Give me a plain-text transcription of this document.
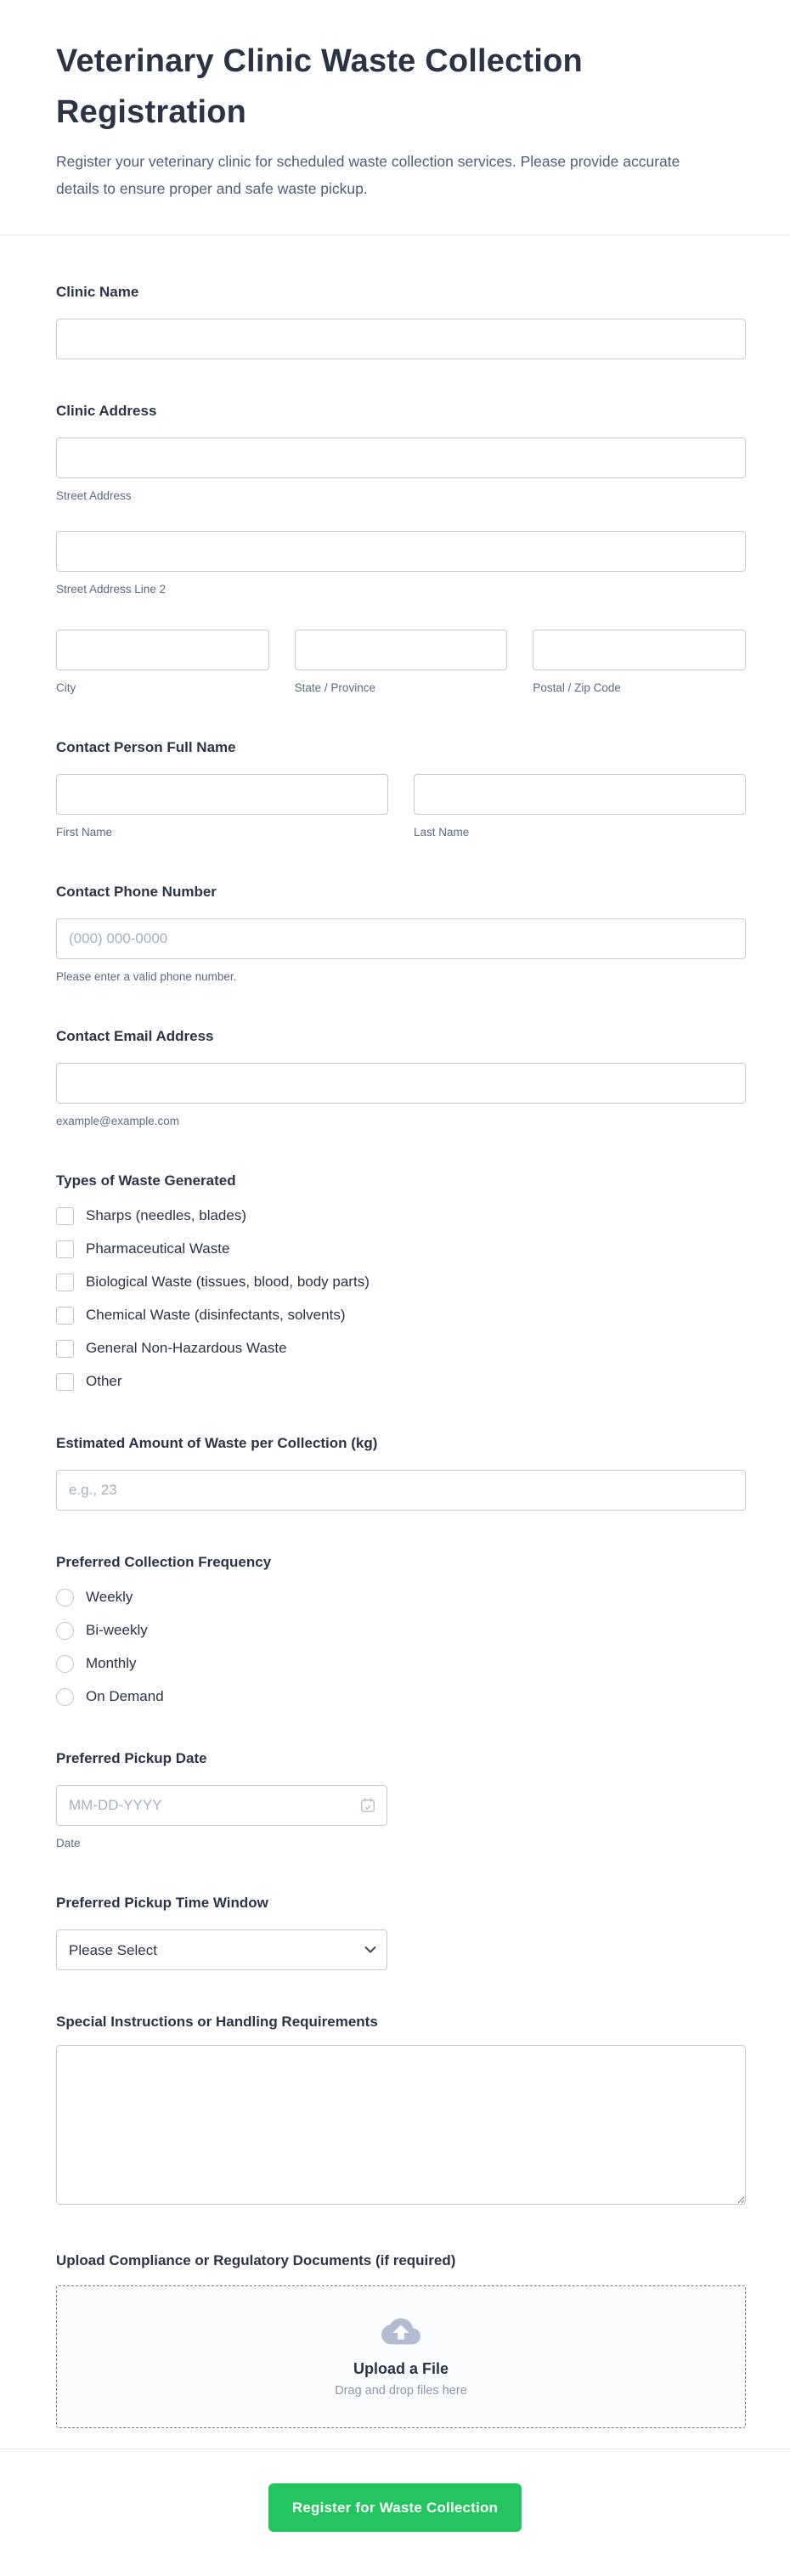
Veterinary Clinic Waste Collection Registration

Register your veterinary clinic for scheduled waste collection services. Please provide accurate details to ensure proper and safe waste pickup.

Clinic Name
Clinic Address
Street Address
Street Address Line 2
City	State / Province	Postal / Zip Code
Contact Person Full Name
First Name	Last Name
Contact Phone Number
(000) 000-0000
Please enter a valid phone number.
Contact Email Address
example@example.com
Types of Waste Generated
Sharps (needles, blades)
Pharmaceutical Waste
Biological Waste (tissues, blood, body parts)
Chemical Waste (disinfectants, solvents)
General Non-Hazardous Waste
Other
Estimated Amount of Waste per Collection (kg)
e.g., 23
Preferred Collection Frequency
Weekly
Bi-weekly
Monthly
On Demand
Preferred Pickup Date
MM-DD-YYYY
Date
Preferred Pickup Time Window
Please Select
Special Instructions or Handling Requirements
Upload Compliance or Regulatory Documents (if required)
Upload a File
Drag and drop files here
Register for Waste Collection
